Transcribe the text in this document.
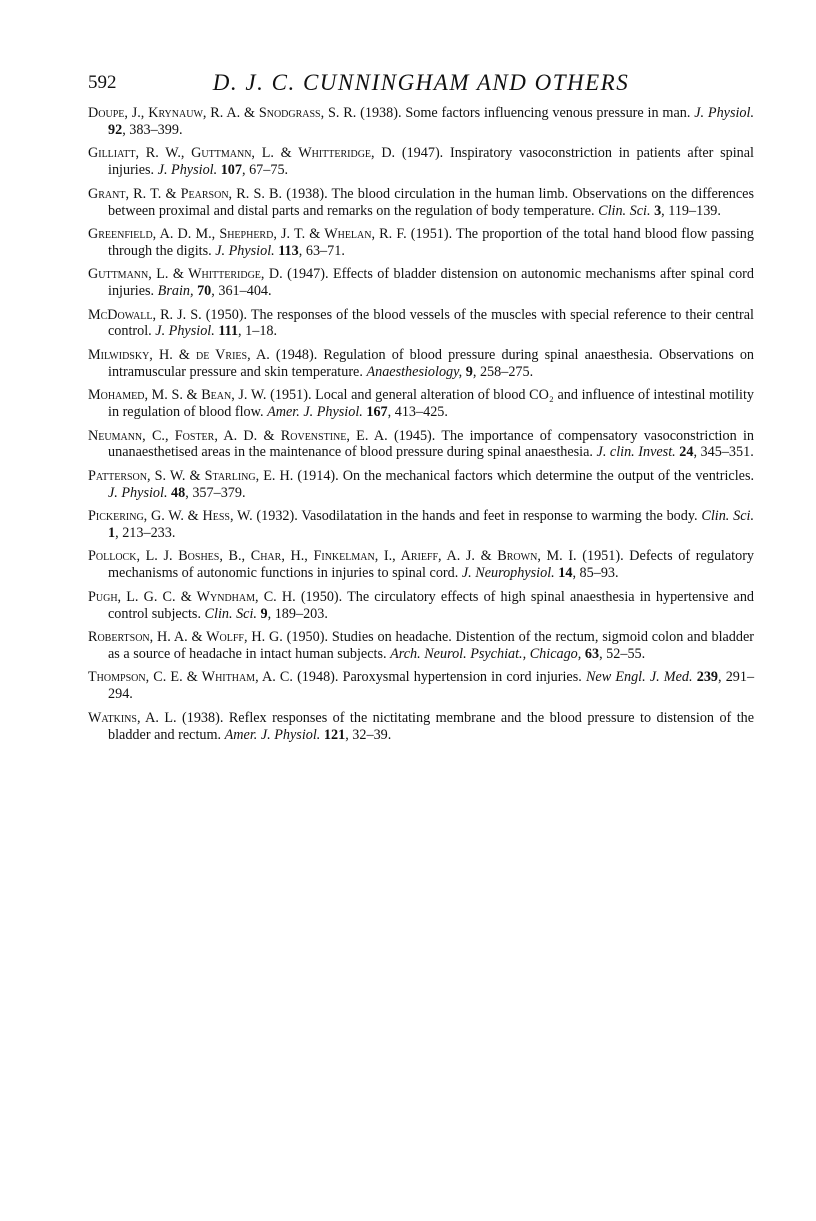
592	D. J. C. CUNNINGHAM AND OTHERS

Doupe, J., Krynauw, R. A. & Snodgrass, S. R. (1938). Some factors influencing venous pressure in man. J. Physiol. 92, 383–399.

Gilliatt, R. W., Guttmann, L. & Whitteridge, D. (1947). Inspiratory vasoconstriction in patients after spinal injuries. J. Physiol. 107, 67–75.

Grant, R. T. & Pearson, R. S. B. (1938). The blood circulation in the human limb. Observations on the differences between proximal and distal parts and remarks on the regulation of body temperature. Clin. Sci. 3, 119–139.

Greenfield, A. D. M., Shepherd, J. T. & Whelan, R. F. (1951). The proportion of the total hand blood flow passing through the digits. J. Physiol. 113, 63–71.

Guttmann, L. & Whitteridge, D. (1947). Effects of bladder distension on autonomic mechanisms after spinal cord injuries. Brain, 70, 361–404.

McDowall, R. J. S. (1950). The responses of the blood vessels of the muscles with special reference to their central control. J. Physiol. 111, 1–18.

Milwidsky, H. & de Vries, A. (1948). Regulation of blood pressure during spinal anaesthesia. Observations on intramuscular pressure and skin temperature. Anaesthesiology, 9, 258–275.

Mohamed, M. S. & Bean, J. W. (1951). Local and general alteration of blood CO₂ and influence of intestinal motility in regulation of blood flow. Amer. J. Physiol. 167, 413–425.

Neumann, C., Foster, A. D. & Rovenstine, E. A. (1945). The importance of compensatory vasoconstriction in unanaesthetised areas in the maintenance of blood pressure during spinal anaesthesia. J. clin. Invest. 24, 345–351.

Patterson, S. W. & Starling, E. H. (1914). On the mechanical factors which determine the output of the ventricles. J. Physiol. 48, 357–379.

Pickering, G. W. & Hess, W. (1932). Vasodilatation in the hands and feet in response to warming the body. Clin. Sci. 1, 213–233.

Pollock, L. J. Boshes, B., Char, H., Finkelman, I., Arieff, A. J. & Brown, M. I. (1951). Defects of regulatory mechanisms of autonomic functions in injuries to spinal cord. J. Neurophysiol. 14, 85–93.

Pugh, L. G. C. & Wyndham, C. H. (1950). The circulatory effects of high spinal anaesthesia in hypertensive and control subjects. Clin. Sci. 9, 189–203.

Robertson, H. A. & Wolff, H. G. (1950). Studies on headache. Distention of the rectum, sigmoid colon and bladder as a source of headache in intact human subjects. Arch. Neurol. Psychiat., Chicago, 63, 52–55.

Thompson, C. E. & Whitham, A. C. (1948). Paroxysmal hypertension in cord injuries. New Engl. J. Med. 239, 291–294.

Watkins, A. L. (1938). Reflex responses of the nictitating membrane and the blood pressure to distension of the bladder and rectum. Amer. J. Physiol. 121, 32–39.
